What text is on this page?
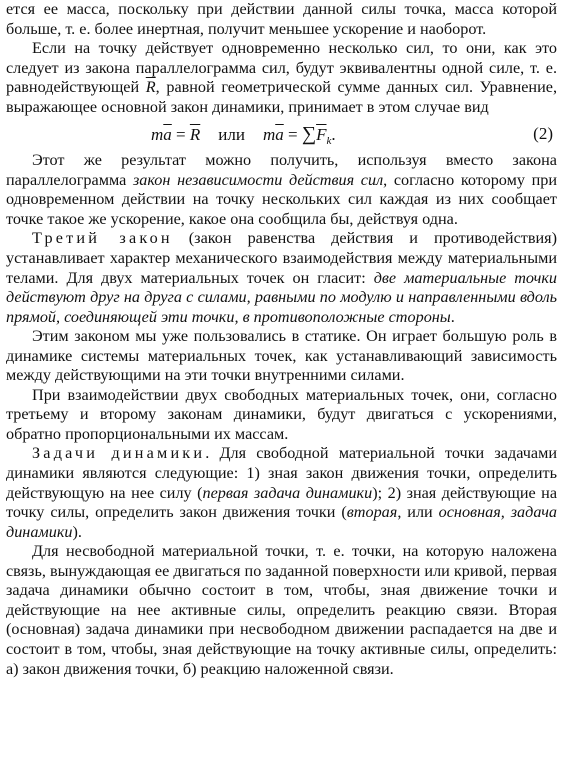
ется ее масса, поскольку при действии данной силы точка, масса которой больше, т. е. более инертная, получит меньшее ускорение и наоборот.

Если на точку действует одновременно несколько сил, то они, как это следует из закона параллелограмма сил, будут эквивалентны одной силе, т. е. равнодействующей $\overline{R}$, равной геометрической сумме данных сил. Уравнение, выражающее основной закон динамики, принимает в этом случае вид

$m\overline{a} = \overline{R}$ или $m\overline{a} = \sum\overline{F}_k$.	(2)

Этот же результат можно получить, используя вместо закона параллелограмма закон независимости действия сил, согласно которому при одновременном действии на точку нескольких сил каждая из них сообщает точке такое же ускорение, какое она сообщила бы, действуя одна.

Третий закон (закон равенства действия и противодействия) устанавливает характер механического взаимодействия между материальными телами. Для двух материальных точек он гласит: две материальные точки действуют друг на друга с силами, равными по модулю и направленными вдоль прямой, соединяющей эти точки, в противоположные стороны.

Этим законом мы уже пользовались в статике. Он играет большую роль в динамике системы материальных точек, как устанавливающий зависимость между действующими на эти точки внутренними силами.

При взаимодействии двух свободных материальных точек, они, согласно третьему и второму законам динамики, будут двигаться с ускорениями, обратно пропорциональными их массам.

Задачи динамики. Для свободной материальной точки задачами динамики являются следующие: 1) зная закон движения точки, определить действующую на нее силу (первая задача динамики); 2) зная действующие на точку силы, определить закон движения точки (вторая, или основная, задача динамики).

Для несвободной материальной точки, т. е. точки, на которую наложена связь, вынуждающая ее двигаться по заданной поверхности или кривой, первая задача динамики обычно состоит в том, чтобы, зная движение точки и действующие на нее активные силы, определить реакцию связи. Вторая (основная) задача динамики при несвободном движении распадается на две и состоит в том, чтобы, зная действующие на точку активные силы, определить: а) закон движения точки, б) реакцию наложенной связи.
